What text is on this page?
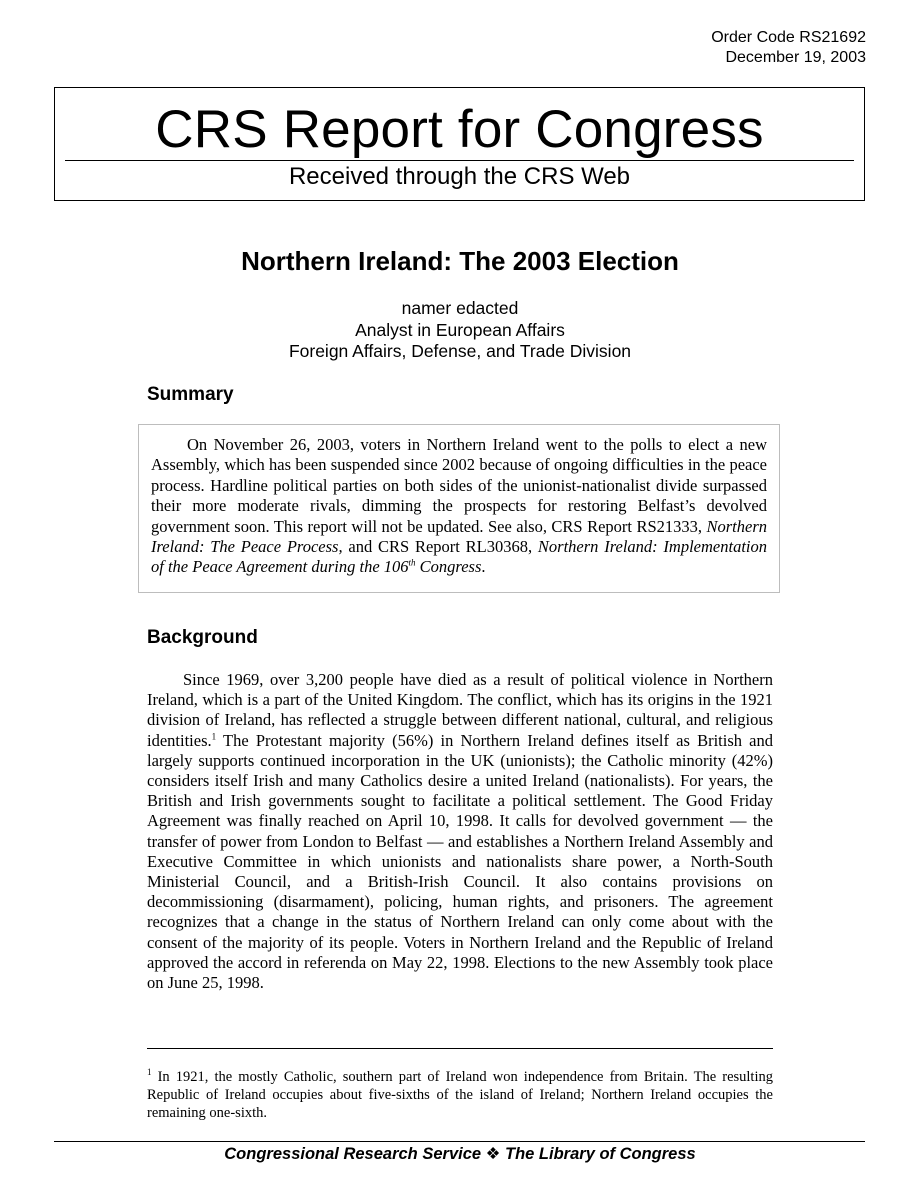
Order Code RS21692
December 19, 2003
CRS Report for Congress
Received through the CRS Web
Northern Ireland: The 2003 Election
namer edacted
Analyst in European Affairs
Foreign Affairs, Defense, and Trade Division
Summary
On November 26, 2003, voters in Northern Ireland went to the polls to elect a new Assembly, which has been suspended since 2002 because of ongoing difficulties in the peace process. Hardline political parties on both sides of the unionist-nationalist divide surpassed their more moderate rivals, dimming the prospects for restoring Belfast’s devolved government soon. This report will not be updated. See also, CRS Report RS21333, Northern Ireland: The Peace Process, and CRS Report RL30368, Northern Ireland: Implementation of the Peace Agreement during the 106th Congress.
Background
Since 1969, over 3,200 people have died as a result of political violence in Northern Ireland, which is a part of the United Kingdom. The conflict, which has its origins in the 1921 division of Ireland, has reflected a struggle between different national, cultural, and religious identities.$^1$ The Protestant majority (56%) in Northern Ireland defines itself as British and largely supports continued incorporation in the UK (unionists); the Catholic minority (42%) considers itself Irish and many Catholics desire a united Ireland (nationalists). For years, the British and Irish governments sought to facilitate a political settlement. The Good Friday Agreement was finally reached on April 10, 1998. It calls for devolved government — the transfer of power from London to Belfast — and establishes a Northern Ireland Assembly and Executive Committee in which unionists and nationalists share power, a North-South Ministerial Council, and a British-Irish Council. It also contains provisions on decommissioning (disarmament), policing, human rights, and prisoners. The agreement recognizes that a change in the status of Northern Ireland can only come about with the consent of the majority of its people. Voters in Northern Ireland and the Republic of Ireland approved the accord in referenda on May 22, 1998. Elections to the new Assembly took place on June 25, 1998.
$^1$ In 1921, the mostly Catholic, southern part of Ireland won independence from Britain. The resulting Republic of Ireland occupies about five-sixths of the island of Ireland; Northern Ireland occupies the remaining one-sixth.
Congressional Research Service ❖ The Library of Congress
